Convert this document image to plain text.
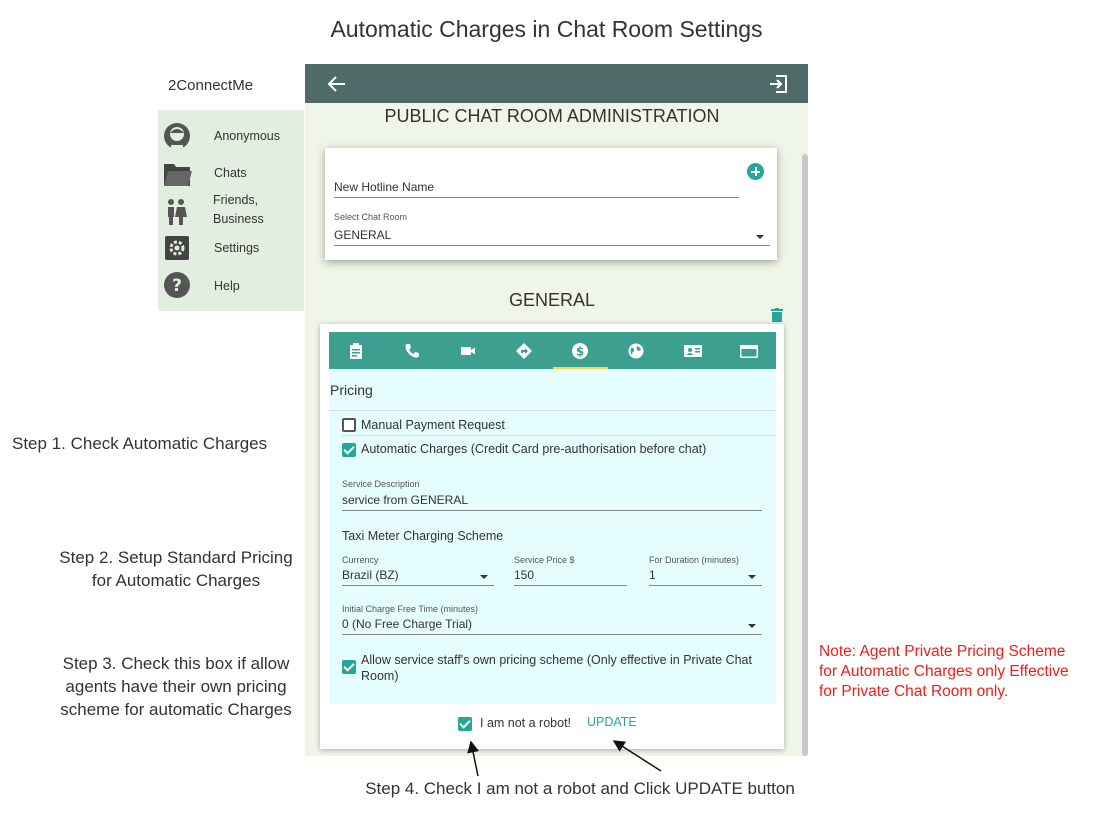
Automatic Charges in Chat Room Settings
Step 1. Check Automatic Charges
Step 2. Setup Standard Pricing
for Automatic Charges
Step 3. Check this box if allow
agents have their own pricing
scheme for automatic Charges
Step 4. Check I am not a robot and Click UPDATE button
Note: Agent Private Pricing Scheme
for Automatic Charges only Effective
for Private Chat Room only.
2ConnectMe
Anonymous
Chats
Friends,
Business
Settings
?	Help
PUBLIC CHAT ROOM ADMINISTRATION
New Hotline Name
Select Chat Room
GENERAL
GENERAL
$
Pricing
Manual Payment Request
Automatic Charges (Credit Card pre-authorisation before chat)
Service Description
service from GENERAL
Taxi Meter Charging Scheme
Currency
Brazil (BZ)
Service Price $
150
For Duration (minutes)
1
Initial Charge Free Time (minutes)
0 (No Free Charge Trial)
Allow service staff's own pricing scheme (Only effective in Private Chat
Room)
I am not a robot! UPDATE
